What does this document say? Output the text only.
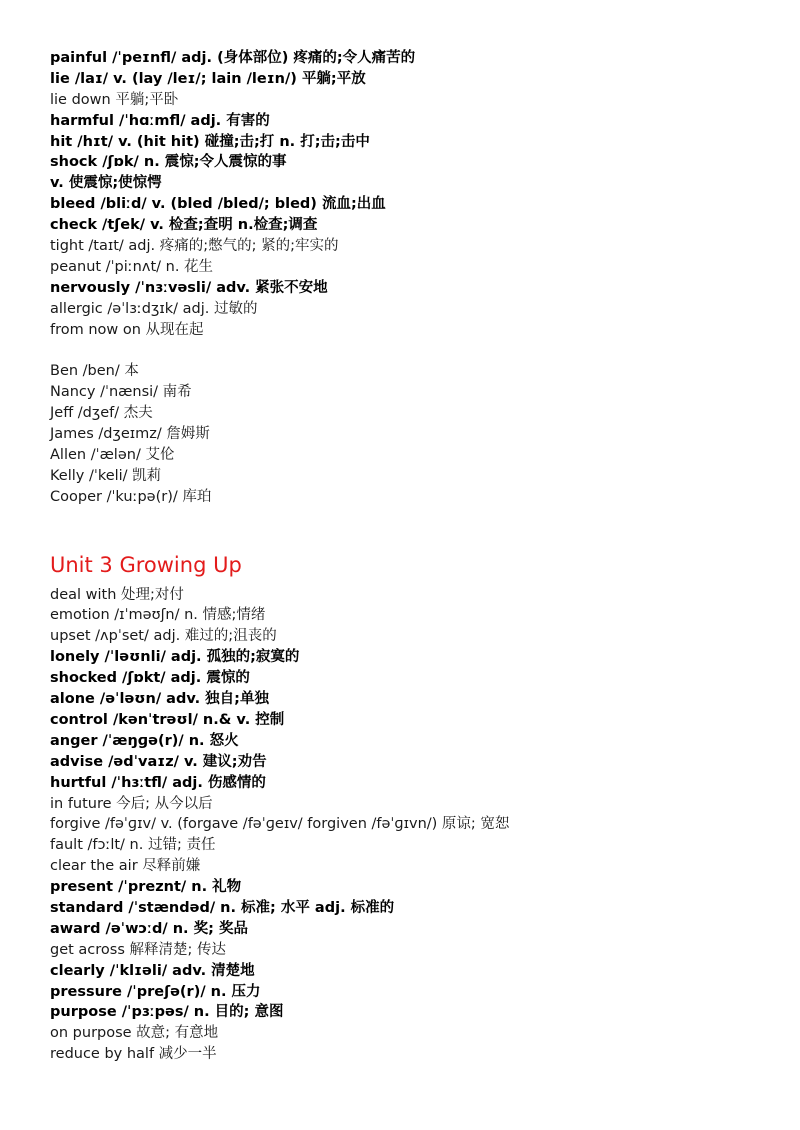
painful /ˈpeɪnfl/ adj. (身体部位) 疼痛的;令人痛苦的
lie /laɪ/ v. (lay /leɪ/; lain /leɪn/) 平躺;平放
lie down 平躺;平卧
harmful /ˈhɑːmfl/ adj. 有害的
hit /hɪt/ v. (hit hit) 碰撞;击;打 n. 打;击;击中
shock /ʃɒk/ n. 震惊;令人震惊的事
v. 使震惊;使惊愕
bleed /bliːd/ v. (bled /bled/; bled) 流血;出血
check /tʃek/ v. 检查;查明 n.检查;调查
tight /taɪt/ adj. 疼痛的;憋气的; 紧的;牢实的
peanut /ˈpiːnʌt/ n. 花生
nervously /ˈnɜːvəsli/ adv. 紧张不安地
allergic /əˈlɜːdʒɪk/ adj. 过敏的
from now on 从现在起
Ben /ben/ 本
Nancy /ˈnænsi/ 南希
Jeff /dʒef/ 杰夫
James /dʒeɪmz/ 詹姆斯
Allen /ˈælən/ 艾伦
Kelly /ˈkeli/ 凯莉
Cooper /ˈkuːpə(r)/ 库珀
Unit 3 Growing Up
deal with 处理;对付
emotion /ɪˈməʊʃn/ n. 情感;情绪
upset /ʌpˈset/ adj. 难过的;沮丧的
lonely /ˈləʊnli/ adj. 孤独的;寂寞的
shocked /ʃɒkt/ adj. 震惊的
alone /əˈləʊn/ adv. 独自;单独
control /kənˈtrəʊl/ n.& v. 控制
anger /ˈæŋɡə(r)/ n. 怒火
advise /ədˈvaɪz/ v. 建议;劝告
hurtful /ˈhɜːtfl/ adj. 伤感情的
in future 今后; 从今以后
forgive /fəˈɡɪv/ v. (forgave /fəˈɡeɪv/ forgiven /fəˈɡɪvn/) 原谅; 宽恕
fault /fɔːlt/ n. 过错; 责任
clear the air 尽释前嫌
present /ˈpreznt/ n. 礼物
standard /ˈstændəd/ n. 标准; 水平 adj. 标准的
award /əˈwɔːd/ n. 奖; 奖品
get across 解释清楚; 传达
clearly /ˈklɪəli/ adv. 清楚地
pressure /ˈpreʃə(r)/ n. 压力
purpose /ˈpɜːpəs/ n. 目的; 意图
on purpose 故意; 有意地
reduce by half 减少一半
